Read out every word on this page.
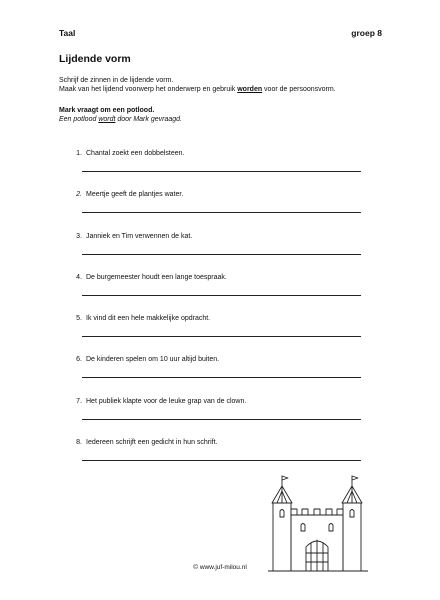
Taal	groep 8
Lijdende vorm
Schrijf de zinnen in de lijdende vorm.
Maak van het lijdend voorwerp het onderwerp en gebruik worden voor de persoonsvorm.
Mark vraagt om een potlood.
Een potlood wordt door Mark gevraagd.
1. Chantal zoekt een dobbelsteen.
2. Meertje geeft de plantjes water.
3. Janniek en Tim verwennen de kat.
4. De burgemeester houdt een lange toespraak.
5. Ik vind dit een hele makkelijke opdracht.
6. De kinderen spelen om 10 uur altijd buiten.
7. Het publiek klapte voor de leuke grap van de clown.
8. Iedereen schrijft een gedicht in hun schrift.
© www.juf-milou.nl
